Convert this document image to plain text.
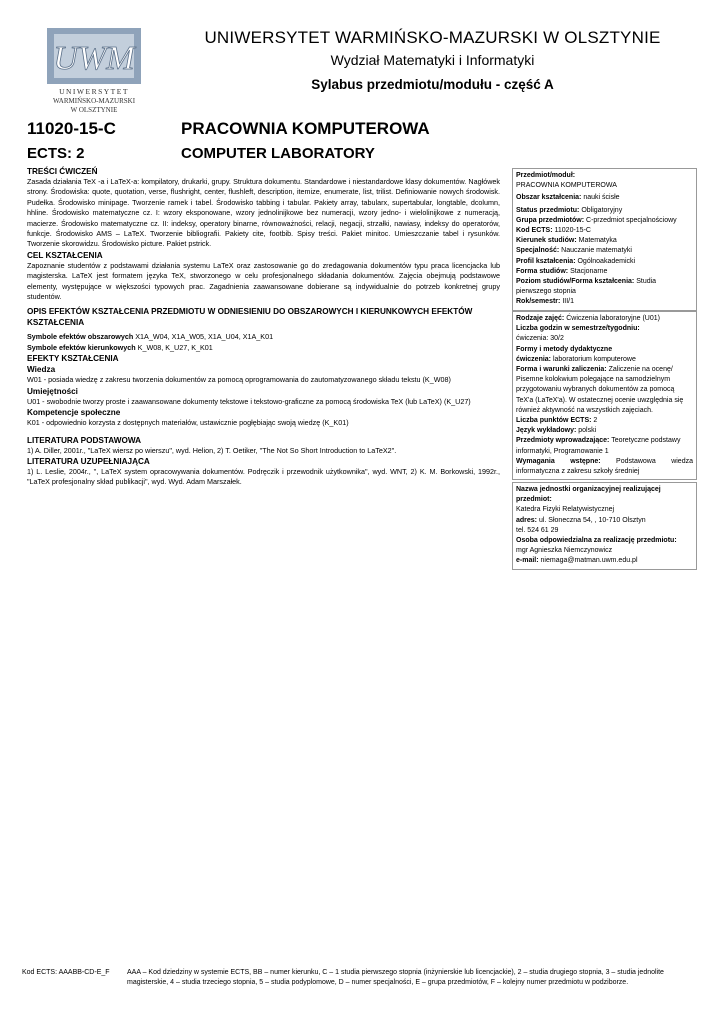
UWM
UNIWERSYTET
WARMIŃSKO-MAZURSKI
W OLSZTYNIE
UNIWERSYTET WARMIŃSKO-MAZURSKI W OLSZTYNIE
Wydział Matematyki i Informatyki
Sylabus przedmiotu/modułu - część A
11020-15-C
ECTS: 2
PRACOWNIA KOMPUTEROWA
COMPUTER LABORATORY
TREŚCI ĆWICZEŃ

Zasada działania TeX -a i LaTeX-a: kompilatory, drukarki, grupy. Struktura dokumentu. Standardowe i niestandardowe klasy dokumentów. Nagłówek strony. Środowiska: quote, quotation, verse, flushright, center, flushleft, description, itemize, enumerate, list, trilist. Definiowanie nowych środowisk. Pudełka. Środowisko minipage. Tworzenie ramek i tabel. Środowisko tabbing i tabular. Pakiety array, tabularx, supertabular, longtable, dcolumn, hhline. Środowisko matematyczne cz. I: wzory eksponowane, wzory jednolinijkowe bez numeracji, wzory jedno- i wielolinijkowe z numeracją, macierze. Środowisko matematyczne cz. II: indeksy, operatory binarne, równoważności, relacji, negacji, strzałki, nawiasy, indeksy do operatorów, funkcje. Środowisko AMS – LaTeX. Tworzenie bibliografii. Pakiety cite, footbib. Spisy treści. Pakiet minitoc. Umieszczanie tabel i rysunków. Tworzenie skorowidzu. Środowisko picture. Pakiet pstrick.

CEL KSZTAŁCENIA

Zapoznanie studentów z podstawami działania systemu LaTeX oraz zastosowanie go do zredagowania dokumentów typu praca licencjacka lub magisterska. LaTeX jest formatem języka TeX, stworzonego w celu profesjonalnego składania dokumentów. Zajęcia obejmują podstawowe elementy, występujące w większości typowych prac. Zagadnienia zaawansowane dobierane są indywidualnie do potrzeb konkretnej grupy studentów.

OPIS EFEKTÓW KSZTAŁCENIA PRZEDMIOTU W ODNIESIENIU DO OBSZAROWYCH I KIERUNKOWYCH EFEKTÓW KSZTAŁCENIA

Symbole efektów obszarowych X1A_W04, X1A_W05, X1A_U04, X1A_K01

Symbole efektów kierunkowych K_W08, K_U27, K_K01

EFEKTY KSZTAŁCENIA
Wiedza

W01 - posiada wiedzę z zakresu tworzenia dokumentów za pomocą oprogramowania do zautomatyzowanego składu tekstu (K_W08)

Umiejętności

U01 - swobodnie tworzy proste i zaawansowane dokumenty tekstowe i tekstowo-graficzne za pomocą środowiska TeX (lub LaTeX) (K_U27)

Kompetencje społeczne

K01 - odpowiednio korzysta z dostępnych materiałów, ustawicznie pogłębiając swoją wiedzę (K_K01)

LITERATURA PODSTAWOWA

1) A. Diller, 2001r., "LaTeX wiersz po wierszu", wyd. Helion, 2) T. Oetiker, "The Not So Short Introduction to LaTeX2".

LITERATURA UZUPEŁNIAJĄCA

1) L. Leslie, 2004r., ", LaTeX system opracowywania dokumentów. Podręczik i przewodnik użytkownika", wyd. WNT, 2) K. M. Borkowski, 1992r., "LaTeX profesjonalny skład publikacji", wyd. Wyd. Adam Marszałek.

Przedmiot/moduł:
PRACOWNIA KOMPUTEROWA
Obszar kształcenia: nauki ścisłe
Status przedmiotu: Obligatoryjny
Grupa przedmiotów: C-przedmiot specjalnościowy
Kod ECTS: 11020-15-C
Kierunek studiów: Matematyka
Specjalność: Nauczanie matematyki
Profil kształcenia: Ogólnoakademicki
Forma studiów: Stacjonarne
Poziom studiów/Forma kształcenia: Studia pierwszego stopnia
Rok/semestr: III/1
Rodzaje zajęć: Ćwiczenia laboratoryjne (U01)
Liczba godzin w semestrze/tygodniu:
ćwiczenia: 30/2
Formy i metody dydaktyczne
ćwiczenia: laboratorium komputerowe
Forma i warunki zaliczenia: Zaliczenie na ocenę/ Pisemne kolokwium polegające na samodzielnym przygotowaniu wybranych dokumentów za pomocą TeX'a (LaTeX'a). W ostatecznej ocenie uwzględnia się również aktywność na wszystkich zajęciach.
Liczba punktów ECTS: 2
Język wykładowy: polski
Przedmioty wprowadzające: Teoretyczne podstawy informatyki, Programowanie 1
Wymagania wstępne: Podstawowa wiedza informatyczna z zakresu szkoły średniej
Nazwa jednostki organizacyjnej realizującej przedmiot:
Katedra Fizyki Relatywistycznej
adres: ul. Słoneczna 54, , 10-710 Olsztyn
tel. 524 61 29
Osoba odpowiedzialna za realizację przedmiotu:
mgr Agnieszka Niemczynowicz
e-mail: niemaga@matman.uwm.edu.pl
Kod ECTS: AAABB-CD-E_F	AAA – Kod dziedziny w systemie ECTS, BB – numer kierunku, C – 1 studia pierwszego stopnia (inżynierskie lub licencjackie), 2 – studia drugiego stopnia, 3 – studia jednolite magisterskie, 4 – studia trzeciego stopnia, 5 – studia podyplomowe, D – numer specjalności, E – grupa przedmiotów, F – kolejny numer przedmiotu w podziborze.
